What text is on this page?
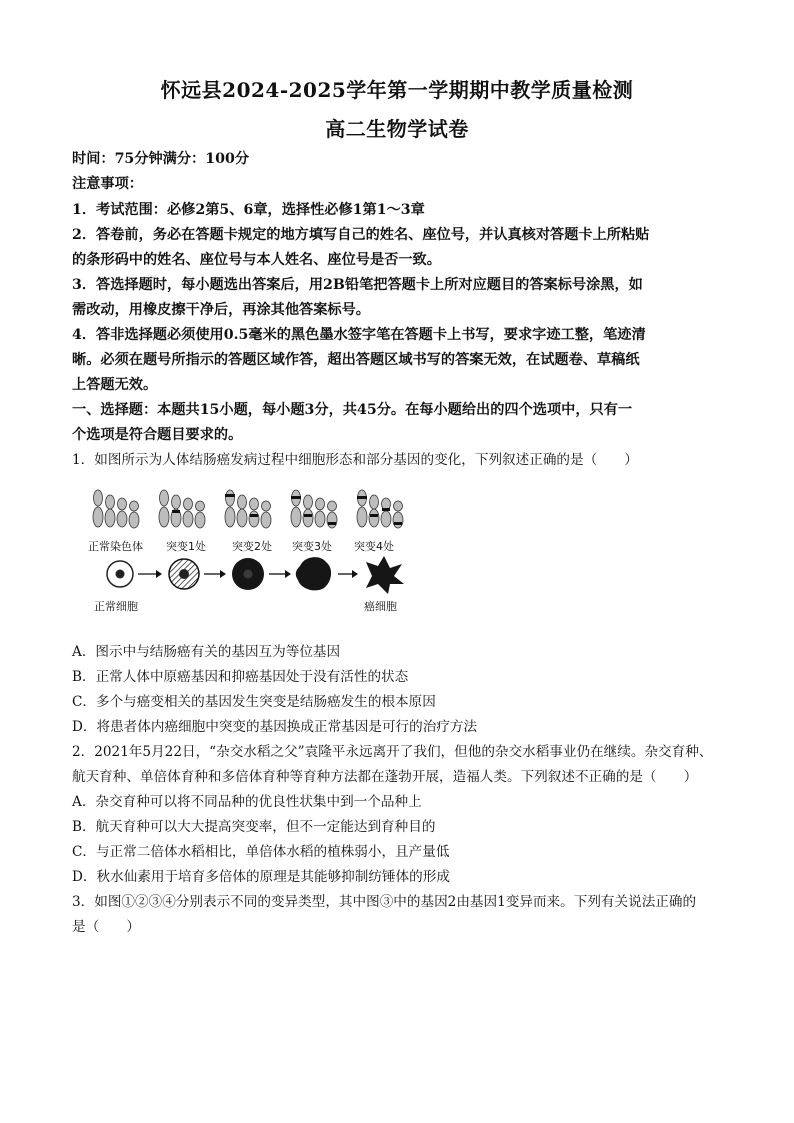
怀远县2024-2025学年第一学期期中教学质量检测
高二生物学试卷
时间：75分钟满分：100分
注意事项：
1．考试范围：必修2第5、6章，选择性必修1第1～3章
2．答卷前，务必在答题卡规定的地方填写自己的姓名、座位号，并认真核对答题卡上所粘贴
的条形码中的姓名、座位号与本人姓名、座位号是否一致。
3．答选择题时，每小题选出答案后，用2B铅笔把答题卡上所对应题目的答案标号涂黑，如
需改动，用橡皮擦干净后，再涂其他答案标号。
4．答非选择题必须使用0.5毫米的黑色墨水签字笔在答题卡上书写，要求字迹工整，笔迹清
晰。必须在题号所指示的答题区域作答，超出答题区域书写的答案无效，在试题卷、草稿纸
上答题无效。
一、选择题：本题共15小题，每小题3分，共45分。在每小题给出的四个选项中，只有一
个选项是符合题目要求的。
1．如图所示为人体结肠癌发病过程中细胞形态和部分基因的变化，下列叙述正确的是（　　）
正常染色体 突变1处 突变2处 突变3处 突变4处
正常细胞	癌细胞
A．图示中与结肠癌有关的基因互为等位基因
B．正常人体中原癌基因和抑癌基因处于没有活性的状态
C．多个与癌变相关的基因发生突变是结肠癌发生的根本原因
D．将患者体内癌细胞中突变的基因换成正常基因是可行的治疗方法
2．2021年5月22日，“杂交水稻之父”袁隆平永远离开了我们，但他的杂交水稻事业仍在继续。杂交育种、
航天育种、单倍体育种和多倍体育种等育种方法都在蓬勃开展，造福人类。下列叙述不正确的是（　　）
A．杂交育种可以将不同品种的优良性状集中到一个品种上
B．航天育种可以大大提高突变率，但不一定能达到育种目的
C．与正常二倍体水稻相比，单倍体水稻的植株弱小，且产量低
D．秋水仙素用于培育多倍体的原理是其能够抑制纺锤体的形成
3．如图①②③④分别表示不同的变异类型，其中图③中的基因2由基因1变异而来。下列有关说法正确的
是（　　）
